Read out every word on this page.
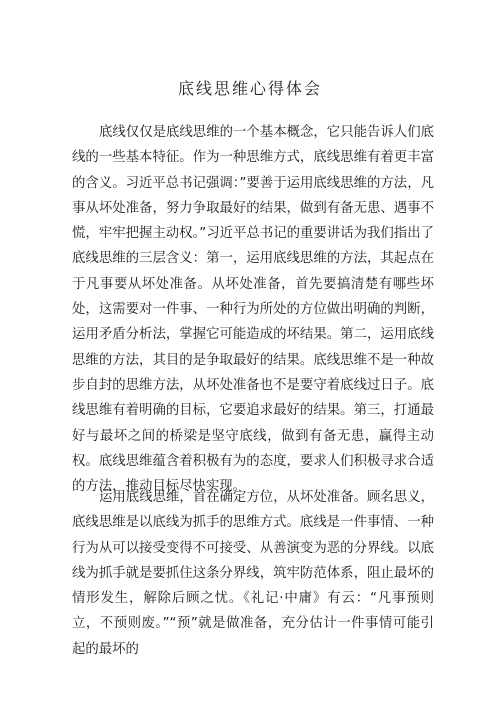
底线思维心得体会

底线仅仅是底线思维的一个基本概念，它只能告诉人们底线的一些基本特征。作为一种思维方式，底线思维有着更丰富的含义。习近平总书记强调：”要善于运用底线思维的方法，凡事从坏处准备，努力争取最好的结果，做到有备无患、遇事不慌，牢牢把握主动权。”习近平总书记的重要讲话为我们指出了底线思维的三层含义：第一，运用底线思维的方法，其起点在于凡事要从坏处准备。从坏处准备，首先要搞清楚有哪些坏处，这需要对一件事、一种行为所处的方位做出明确的判断，运用矛盾分析法，掌握它可能造成的坏结果。第二，运用底线思维的方法，其目的是争取最好的结果。底线思维不是一种故步自封的思维方法，从坏处准备也不是要守着底线过日子。底线思维有着明确的目标，它要追求最好的结果。第三，打通最好与最坏之间的桥梁是坚守底线，做到有备无患，赢得主动权。底线思维蕴含着积极有为的态度，要求人们积极寻求合适的方法，推动目标尽快实现。

运用底线思维，首在确定方位，从坏处准备。顾名思义，底线思维是以底线为抓手的思维方式。底线是一件事情、一种行为从可以接受变得不可接受、从善演变为恶的分界线。以底线为抓手就是要抓住这条分界线，筑牢防范体系，阻止最坏的情形发生，解除后顾之忧。《礼记·中庸》有云：“凡事预则立，不预则废。”“预”就是做准备，充分估计一件事情可能引起的最坏的
